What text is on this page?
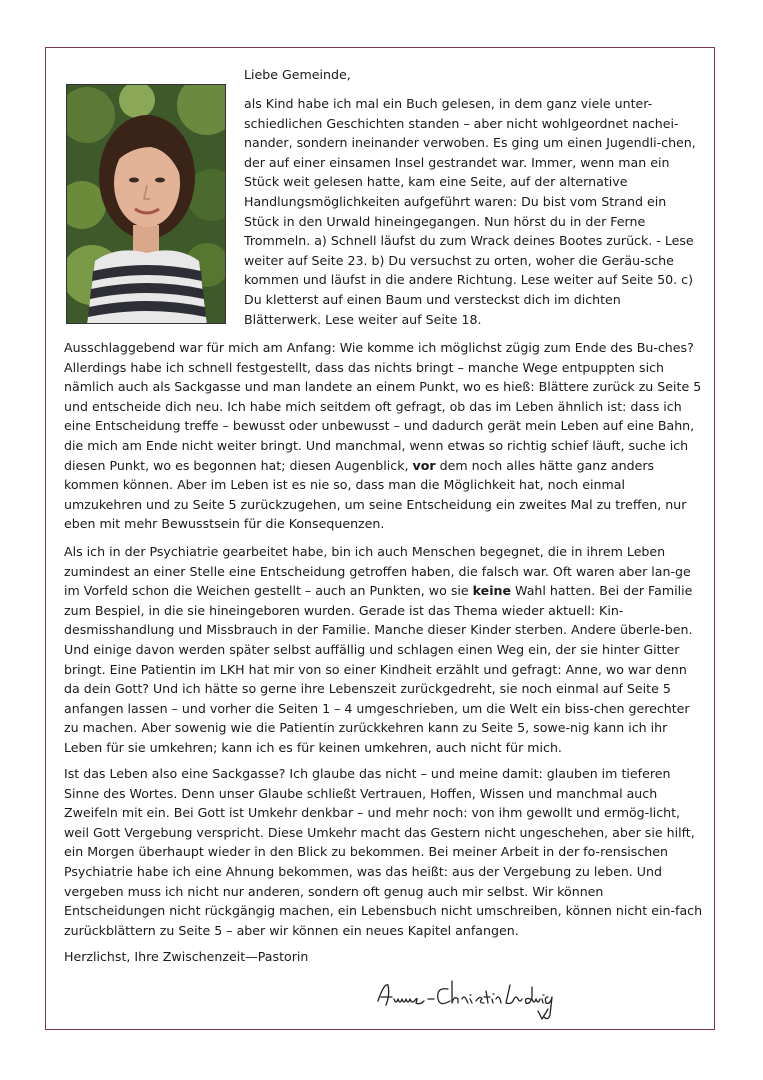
Liebe Gemeinde,

als Kind habe ich mal ein Buch gelesen, in dem ganz viele unter-schiedlichen Geschichten standen – aber nicht wohlgeordnet nachei-nander, sondern ineinander verwoben. Es ging um einen Jugendli-chen, der auf einer einsamen Insel gestrandet war. Immer, wenn man ein Stück weit gelesen hatte, kam eine Seite, auf der alternative Handlungsmöglichkeiten aufgeführt waren: Du bist vom Strand ein Stück in den Urwald hineingegangen. Nun hörst du in der Ferne Trommeln. a) Schnell läufst du zum Wrack deines Bootes zurück. - Lese weiter auf Seite 23. b) Du versuchst zu orten, woher die Geräu-sche kommen und läufst in die andere Richtung. Lese weiter auf Seite 50. c) Du kletterst auf einen Baum und versteckst dich im dichten Blätterwerk. Lese weiter auf Seite 18.

Ausschlaggebend war für mich am Anfang: Wie komme ich möglichst zügig zum Ende des Bu-ches? Allerdings habe ich schnell festgestellt, dass das nichts bringt – manche Wege entpuppten sich nämlich auch als Sackgasse und man landete an einem Punkt, wo es hieß: Blättere zurück zu Seite 5 und entscheide dich neu. Ich habe mich seitdem oft gefragt, ob das im Leben ähnlich ist: dass ich eine Entscheidung treffe – bewusst oder unbewusst – und dadurch gerät mein Leben auf eine Bahn, die mich am Ende nicht weiter bringt. Und manchmal, wenn etwas so richtig schief läuft, suche ich diesen Punkt, wo es begonnen hat; diesen Augenblick, vor dem noch alles hätte ganz anders kommen können. Aber im Leben ist es nie so, dass man die Möglichkeit hat, noch einmal umzukehren und zu Seite 5 zurückzugehen, um seine Entscheidung ein zweites Mal zu treffen, nur eben mit mehr Bewusstsein für die Konsequenzen.

Als ich in der Psychiatrie gearbeitet habe, bin ich auch Menschen begegnet, die in ihrem Leben zumindest an einer Stelle eine Entscheidung getroffen haben, die falsch war. Oft waren aber lan-ge im Vorfeld schon die Weichen gestellt – auch an Punkten, wo sie keine Wahl hatten. Bei der Familie zum Bespiel, in die sie hineingeboren wurden. Gerade ist das Thema wieder aktuell: Kin-desmisshandlung und Missbrauch in der Familie. Manche dieser Kinder sterben. Andere überle-ben. Und einige davon werden später selbst auffällig und schlagen einen Weg ein, der sie hinter Gitter bringt. Eine Patientin im LKH hat mir von so einer Kindheit erzählt und gefragt: Anne, wo war denn da dein Gott? Und ich hätte so gerne ihre Lebenszeit zurückgedreht, sie noch einmal auf Seite 5 anfangen lassen – und vorher die Seiten 1 – 4 umgeschrieben, um die Welt ein biss-chen gerechter zu machen. Aber sowenig wie die Patientin zurückkehren kann zu Seite 5, sowe-nig kann ich ihr Leben für sie umkehren; kann ich es für keinen umkehren, auch nicht für mich.

Ist das Leben also eine Sackgasse? Ich glaube das nicht – und meine damit: glauben im tieferen Sinne des Wortes. Denn unser Glaube schließt Vertrauen, Hoffen, Wissen und manchmal auch Zweifeln mit ein. Bei Gott ist Umkehr denkbar – und mehr noch: von ihm gewollt und ermög-licht, weil Gott Vergebung verspricht. Diese Umkehr macht das Gestern nicht ungeschehen, aber sie hilft, ein Morgen überhaupt wieder in den Blick zu bekommen. Bei meiner Arbeit in der fo-rensischen Psychiatrie habe ich eine Ahnung bekommen, was das heißt: aus der Vergebung zu leben. Und vergeben muss ich nicht nur anderen, sondern oft genug auch mir selbst. Wir können Entscheidungen nicht rückgängig machen, ein Lebensbuch nicht umschreiben, können nicht ein-fach zurückblättern zu Seite 5 – aber wir können ein neues Kapitel anfangen.

Herzlichst, Ihre Zwischenzeit—Pastorin
